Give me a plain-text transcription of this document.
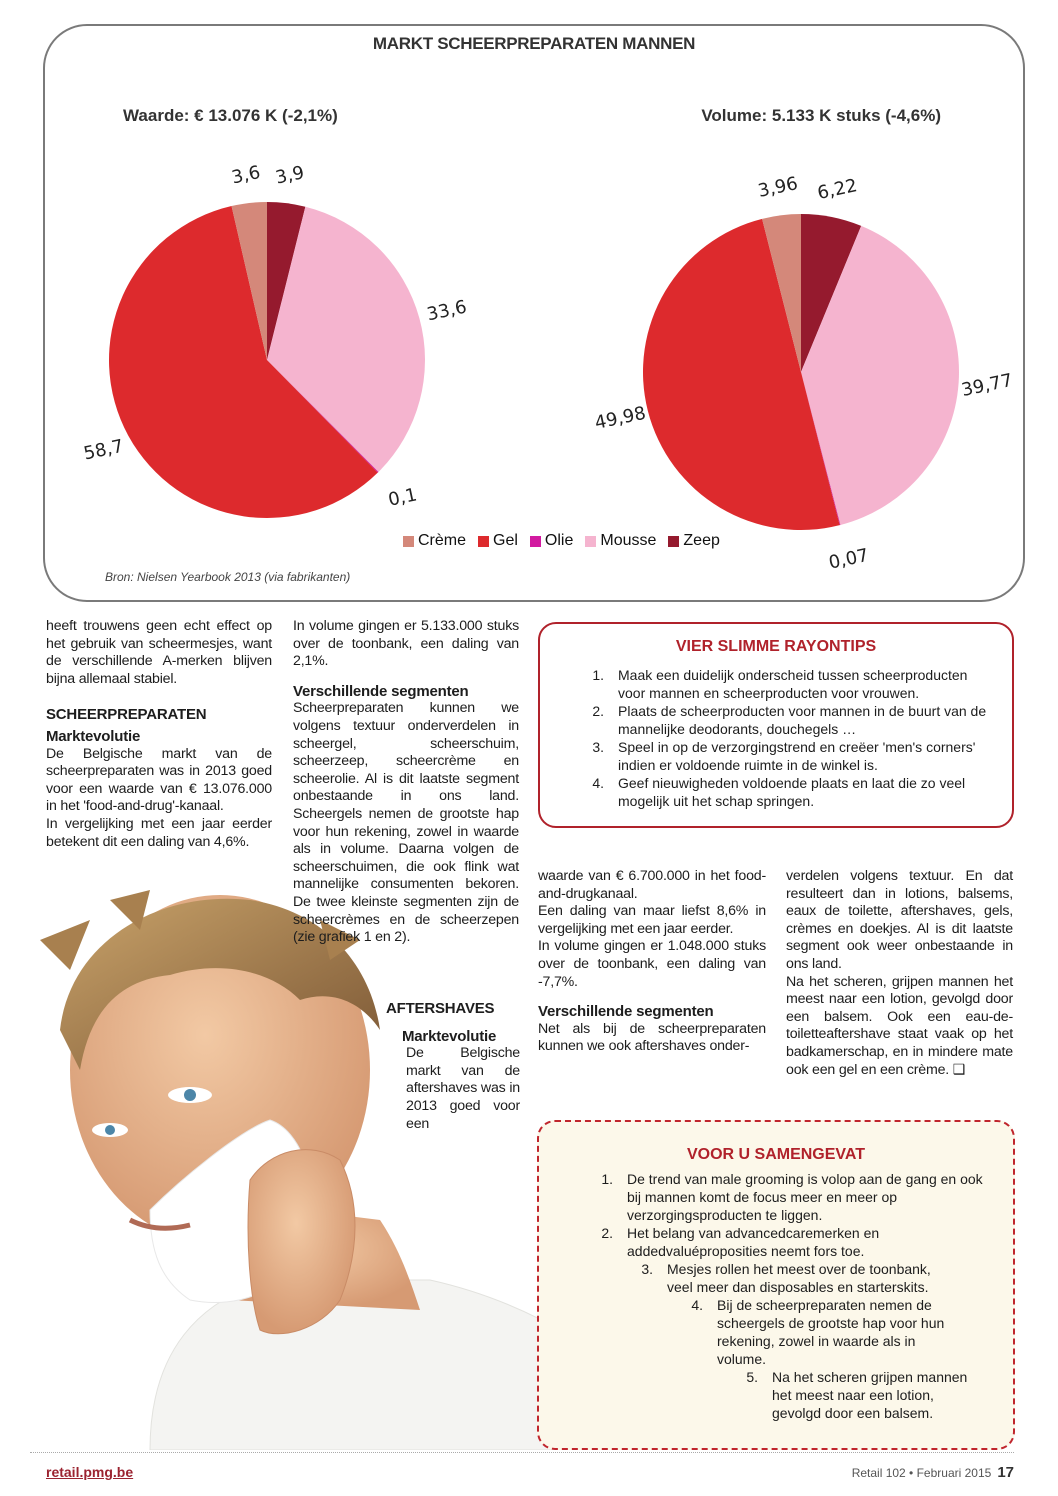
MARKT SCHEERPREPARATEN MANNEN
Waarde: € 13.076 K (-2,1%)	Volume: 5.133 K stuks (-4,6%)
3,9
33,6
0,1
58,7
3,6	6,22
39,77
0,07
49,98
3,96
Crème Gel Olie Mousse Zeep
Bron: Nielsen Yearbook 2013 (via fabrikanten)

heeft trouwens geen echt effect op het gebruik van scheermesjes, want de verschillende A-merken blijven bijna allemaal stabiel.

SCHEERPREPARATEN

Marktevolutie

De Belgische markt van de scheerpreparaten was in 2013 goed voor een waarde van € 13.076.000 in het 'food-and-drug'-kanaal.

In vergelijking met een jaar eerder betekent dit een daling van 4,6%.

In volume gingen er 5.133.000 stuks over de toonbank, een daling van 2,1%.

Verschillende segmenten

Scheerpreparaten kunnen we volgens textuur onderverdelen in scheergel, scheerschuim, scheerzeep, scheercrème en scheerolie. Al is dit laatste segment onbestaande in ons land. Scheergels nemen de grootste hap voor hun rekening, zowel in waarde als in volume. Daarna volgen de scheerschuimen, die ook flink wat mannelijke consumenten bekoren. De twee kleinste segmenten zijn de scheercrèmes en de scheerzepen (zie grafiek 1 en 2).

AFTERSHAVES

Marktevolutie

De Belgische markt van de aftershaves was in 2013 goed voor een

waarde van € 6.700.000 in het food-and-drugkanaal.

Een daling van maar liefst 8,6% in vergelijking met een jaar eerder.

In volume gingen er 1.048.000 stuks over de toonbank, een daling van -7,7%.

Verschillende segmenten

Net als bij de scheerpreparaten kunnen we ook aftershaves onder-

verdelen volgens textuur. En dat resulteert dan in lotions, balsems, eaux de toilette, aftershaves, gels, crèmes en doekjes. Al is dit laatste segment ook weer onbestaande in ons land.

Na het scheren, grijpen mannen het meest naar een lotion, gevolgd door een balsem. Ook een eau-de-toiletteaftershave staat vaak op het badkamerschap, en in mindere mate ook een gel en een crème. ❑

VIER SLIMME RAYONTIPS
1.	Maak een duidelijk onderscheid tussen scheerproducten voor mannen en scheerproducten voor vrouwen.
2.	Plaats de scheerproducten voor mannen in de buurt van de mannelijke deodorants, douchegels …
3.	Speel in op de verzorgingstrend en creëer 'men's corners' indien er voldoende ruimte in de winkel is.
4.	Geef nieuwigheden voldoende plaats en laat die zo veel mogelijk uit het schap springen.
VOOR U SAMENGEVAT
1.	De trend van male grooming is volop aan de gang en ook bij mannen komt de focus meer en meer op verzorgingsproducten te liggen.
2.	Het belang van advancedcaremerken en addedvaluéproposities neemt fors toe.
3.	Mesjes rollen het meest over de toonbank, veel meer dan disposables en starterskits.
4.	Bij de scheerpreparaten nemen de scheergels de grootste hap voor hun rekening, zowel in waarde als in volume.
5.	Na het scheren grijpen mannen het meest naar een lotion, gevolgd door een balsem.
retail.pmg.be	Retail 102 • Februari 2015 17
